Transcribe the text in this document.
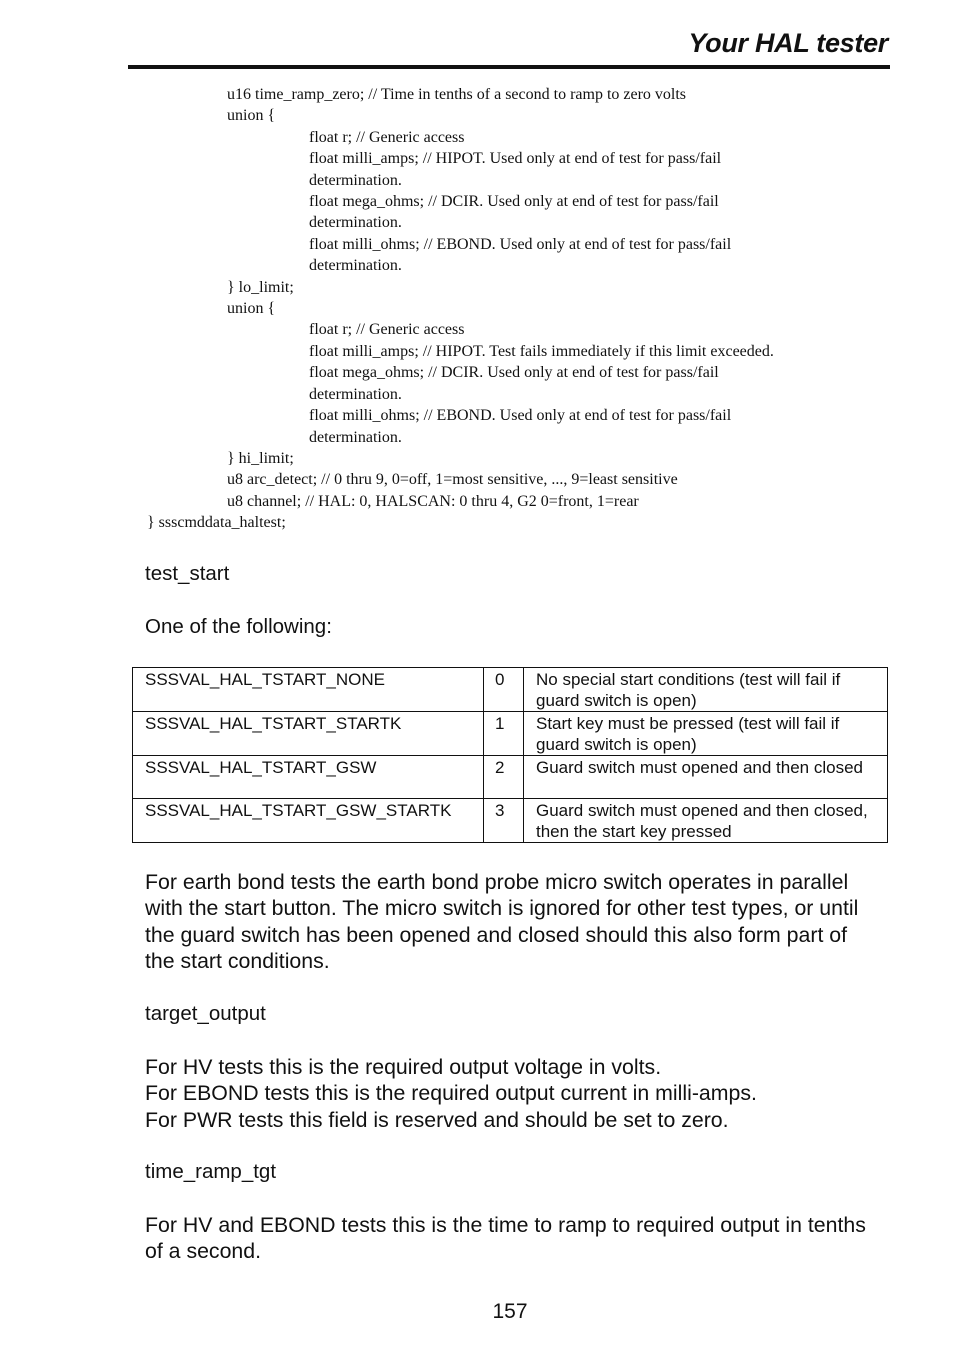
Your HAL tester
u16 time_ramp_zero; // Time in tenths of a second to ramp to zero volts
union {
float r; // Generic access
float milli_amps; // HIPOT. Used only at end of test for pass/fail
determination.
float mega_ohms; // DCIR. Used only at end of test for pass/fail
determination.
float milli_ohms; // EBOND. Used only at end of test for pass/fail
determination.
} lo_limit;
union {
float r; // Generic access
float milli_amps; // HIPOT. Test fails immediately if this limit exceeded.
float mega_ohms; // DCIR. Used only at end of test for pass/fail
determination.
float milli_ohms; // EBOND. Used only at end of test for pass/fail
determination.
} hi_limit;
u8 arc_detect; // 0 thru 9, 0=off, 1=most sensitive, ..., 9=least sensitive
u8 channel; // HAL: 0, HALSCAN: 0 thru 4, G2 0=front, 1=rear
} ssscmddata_haltest;
test_start
One of the following:
SSSVAL_HAL_TSTART_NONE	0	No special start conditions (test will fail if guard switch is open)
SSSVAL_HAL_TSTART_STARTK	1	Start key must be pressed (test will fail if guard switch is open)
SSSVAL_HAL_TSTART_GSW	2	Guard switch must opened and then closed
SSSVAL_HAL_TSTART_GSW_STARTK	3	Guard switch must opened and then closed, then the start key pressed
For earth bond tests the earth bond probe micro switch operates in parallel with the start button. The micro switch is ignored for other test types, or until the guard switch has been opened and closed should this also form part of the start conditions.
target_output
For HV tests this is the required output voltage in volts.
For EBOND tests this is the required output current in milli-amps.
For PWR tests this field is reserved and should be set to zero.
time_ramp_tgt
For HV and EBOND tests this is the time to ramp to required output in tenths of a second.
157
